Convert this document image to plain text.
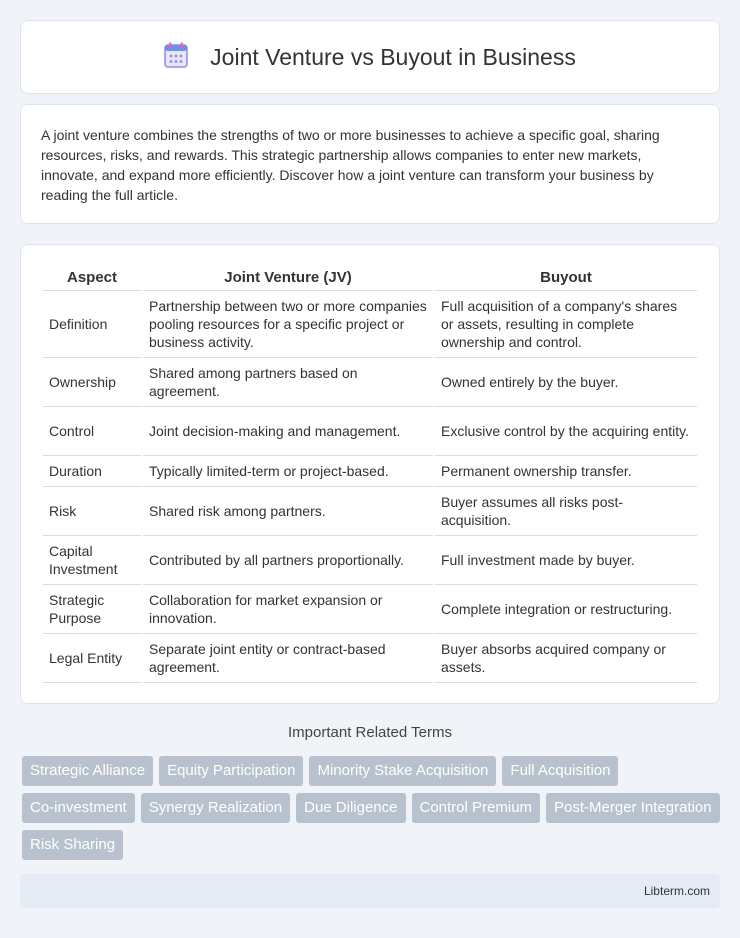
Joint Venture vs Buyout in Business

A joint venture combines the strengths of two or more businesses to achieve a specific goal, sharing resources, risks, and rewards. This strategic partnership allows companies to enter new markets, innovate, and expand more efficiently. Discover how a joint venture can transform your business by reading the full article.

Aspect	Joint Venture (JV)	Buyout
Definition	Partnership between two or more companies pooling resources for a specific project or business activity.	Full acquisition of a company's shares or assets, resulting in complete ownership and control.
Ownership	Shared among partners based on agreement.	Owned entirely by the buyer.
Control	Joint decision-making and management.	Exclusive control by the acquiring entity.
Duration	Typically limited-term or project-based.	Permanent ownership transfer.
Risk	Shared risk among partners.	Buyer assumes all risks post-acquisition.
Capital Investment	Contributed by all partners proportionally.	Full investment made by buyer.
Strategic Purpose	Collaboration for market expansion or innovation.	Complete integration or restructuring.
Legal Entity	Separate joint entity or contract-based agreement.	Buyer absorbs acquired company or assets.
Important Related Terms
Strategic Alliance	Equity Participation	Minority Stake Acquisition	Full Acquisition
Co-investment	Synergy Realization	Due Diligence	Control Premium	Post-Merger Integration
Risk Sharing
Libterm.com
